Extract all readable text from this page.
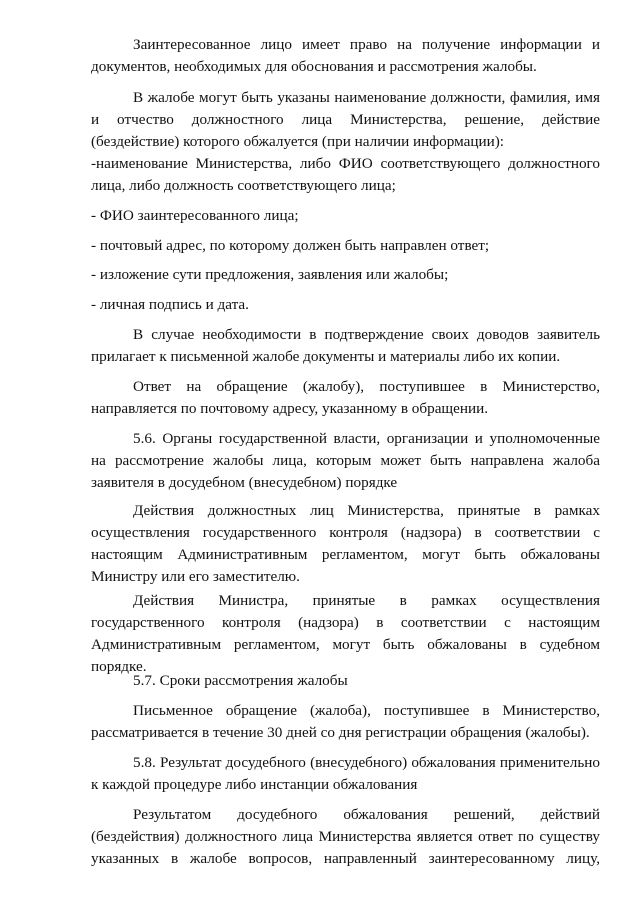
Заинтересованное лицо имеет право на получение информации и документов, необходимых для обоснования и рассмотрения жалобы.

В жалобе могут быть указаны наименование должности, фамилия, имя и отчество должностного лица Министерства, решение, действие (бездействие) которого обжалуется (при наличии информации):

-наименование Министерства, либо ФИО соответствующего должностного лица, либо должность соответствующего лица;

- ФИО заинтересованного лица;

- почтовый адрес, по которому должен быть направлен ответ;

- изложение сути предложения, заявления или жалобы;

- личная подпись и дата.

В случае необходимости в подтверждение своих доводов заявитель прилагает к письменной жалобе документы и материалы либо их копии.

Ответ на обращение (жалобу), поступившее в Министерство, направляется по почтовому адресу, указанному в обращении.

5.6. Органы государственной власти, организации и уполномоченные на рассмотрение жалобы лица, которым может быть направлена жалоба заявителя в досудебном (внесудебном) порядке

Действия должностных лиц Министерства, принятые в рамках осуществления государственного контроля (надзора) в соответствии с настоящим Административным регламентом, могут быть обжалованы Министру или его заместителю.

Действия Министра, принятые в рамках осуществления государственного контроля (надзора) в соответствии с настоящим Административным регламентом, могут быть обжалованы в судебном порядке.

5.7. Сроки рассмотрения жалобы

Письменное обращение (жалоба), поступившее в Министерство, рассматривается в течение 30 дней со дня регистрации обращения (жалобы).

5.8. Результат досудебного (внесудебного) обжалования применительно к каждой процедуре либо инстанции обжалования

Результатом досудебного обжалования решений, действий (бездействия) должностного лица Министерства является ответ по существу указанных в жалобе вопросов, направленный заинтересованному лицу,
